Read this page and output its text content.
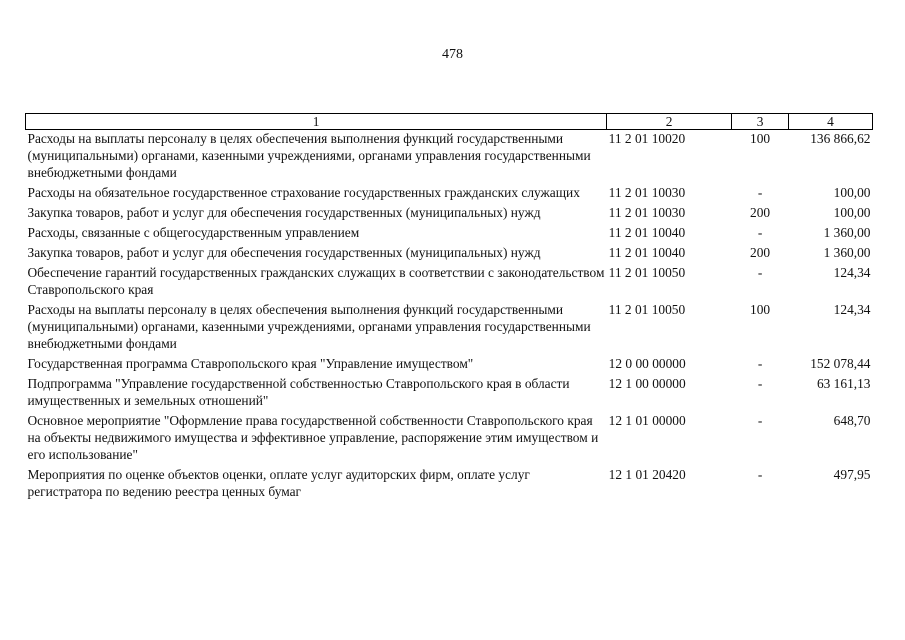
478
1	2	3	4
Расходы на выплаты персоналу в целях обеспечения выполнения функций государственными (муниципальными) органами, казенными учреждениями, органами управления государственными внебюджетными фондами	11 2 01 10020	100	136 866,62
Расходы на обязательное государственное страхование государственных гражданских служащих	11 2 01 10030	-	100,00
Закупка товаров, работ и услуг для обеспечения государственных (муниципальных) нужд	11 2 01 10030	200	100,00
Расходы, связанные с общегосударственным управлением	11 2 01 10040	-	1 360,00
Закупка товаров, работ и услуг для обеспечения государственных (муниципальных) нужд	11 2 01 10040	200	1 360,00
Обеспечение гарантий государственных гражданских служащих в соответствии с законодательством Ставропольского края	11 2 01 10050	-	124,34
Расходы на выплаты персоналу в целях обеспечения выполнения функций государственными (муниципальными) органами, казенными учреждениями, органами управления государственными внебюджетными фондами	11 2 01 10050	100	124,34
Государственная программа Ставропольского края "Управление имуществом"	12 0 00 00000	-	152 078,44
Подпрограмма "Управление государственной собственностью Ставропольского края в области имущественных и земельных отношений"	12 1 00 00000	-	63 161,13
Основное мероприятие "Оформление права государственной собственности Ставропольского края на объекты недвижимого имущества и эффективное управление, распоряжение этим имуществом и его использование"	12 1 01 00000	-	648,70
Мероприятия по оценке объектов оценки, оплате услуг аудиторских фирм, оплате услуг регистратора по ведению реестра ценных бумаг	12 1 01 20420	-	497,95
